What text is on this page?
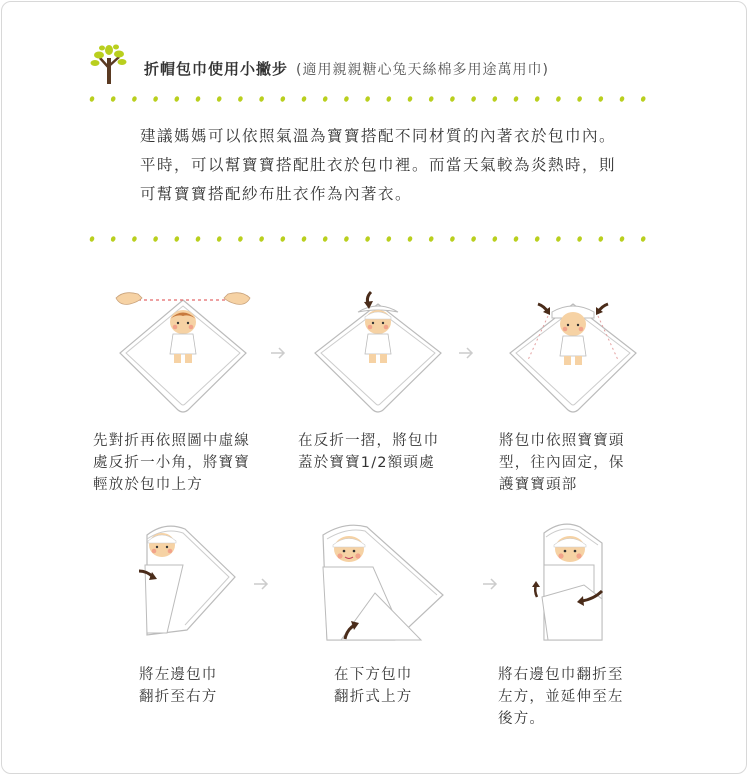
折帽包巾使用小撇步 (適用親親糖心兔天絲棉多用途萬用巾)
建議媽媽可以依照氣溫為寶寶搭配不同材質的內著衣於包巾內。平時，可以幫寶寶搭配肚衣於包巾裡。而當天氣較為炎熱時，則可幫寶寶搭配紗布肚衣作為內著衣。
先對折再依照圖中虛線
處反折一小角，將寶寶
輕放於包巾上方
在反折一摺，將包巾
蓋於寶寶1/2額頭處
將包巾依照寶寶頭
型，往內固定，保
護寶寶頭部
將左邊包巾
翻折至右方
在下方包巾
翻折式上方
將右邊包巾翻折至
左方，並延伸至左
後方。
